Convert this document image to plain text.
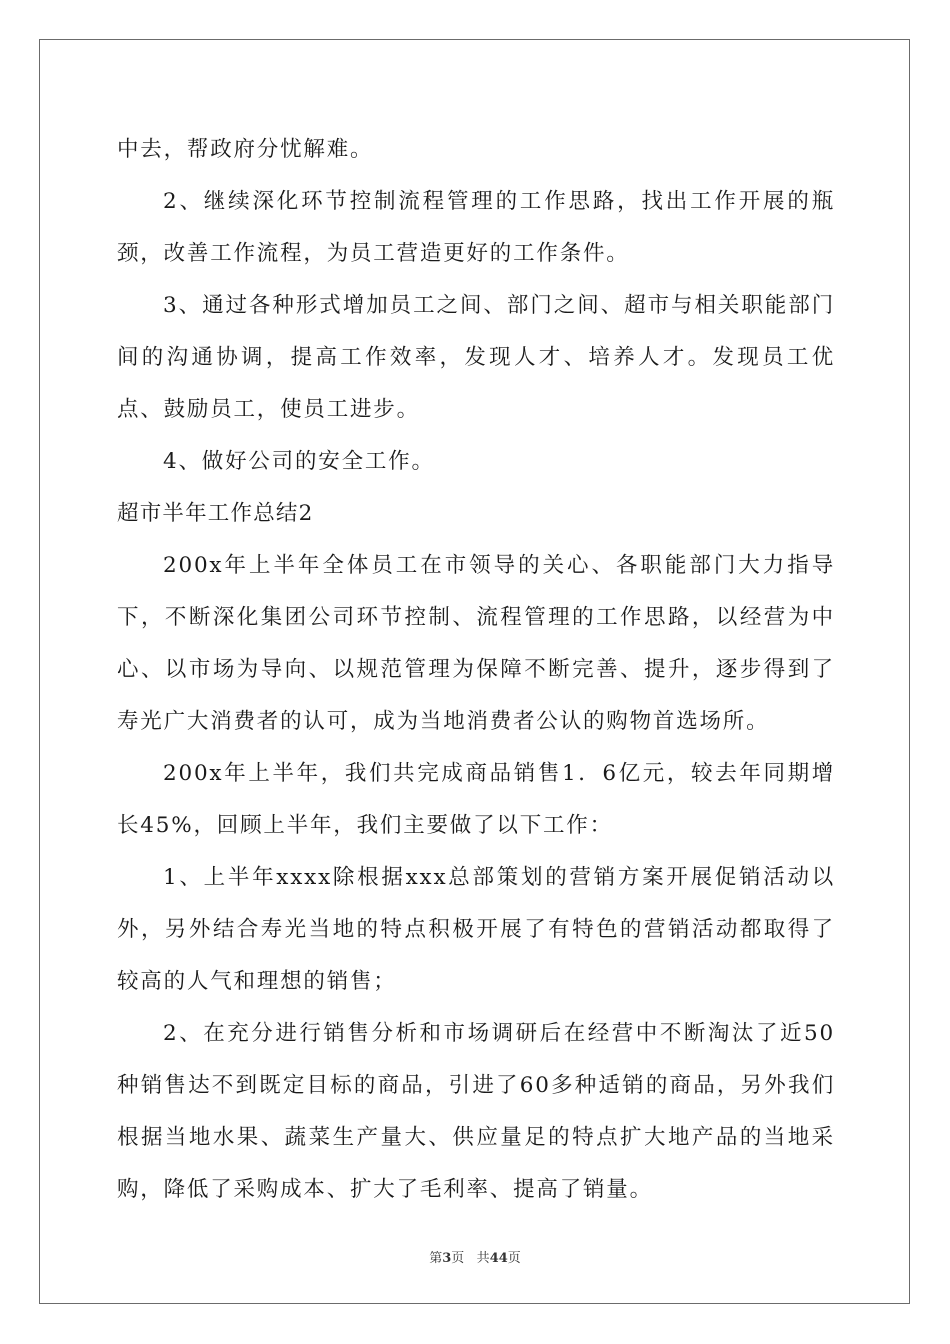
中去，帮政府分忧解难。

2、继续深化环节控制流程管理的工作思路，找出工作开展的瓶颈，改善工作流程，为员工营造更好的工作条件。

3、通过各种形式增加员工之间、部门之间、超市与相关职能部门间的沟通协调，提高工作效率，发现人才、培养人才。发现员工优点、鼓励员工，使员工进步。

4、做好公司的安全工作。

超市半年工作总结2

200x年上半年全体员工在市领导的关心、各职能部门大力指导下，不断深化集团公司环节控制、流程管理的工作思路，以经营为中心、以市场为导向、以规范管理为保障不断完善、提升，逐步得到了寿光广大消费者的认可，成为当地消费者公认的购物首选场所。

200x年上半年，我们共完成商品销售1．6亿元，较去年同期增长45%，回顾上半年，我们主要做了以下工作：

1、上半年xxxx除根据xxx总部策划的营销方案开展促销活动以外，另外结合寿光当地的特点积极开展了有特色的营销活动都取得了较高的人气和理想的销售；

2、在充分进行销售分析和市场调研后在经营中不断淘汰了近50种销售达不到既定目标的商品，引进了60多种适销的商品，另外我们根据当地水果、蔬菜生产量大、供应量足的特点扩大地产品的当地采购，降低了采购成本、扩大了毛利率、提高了销量。

第3页 共44页
